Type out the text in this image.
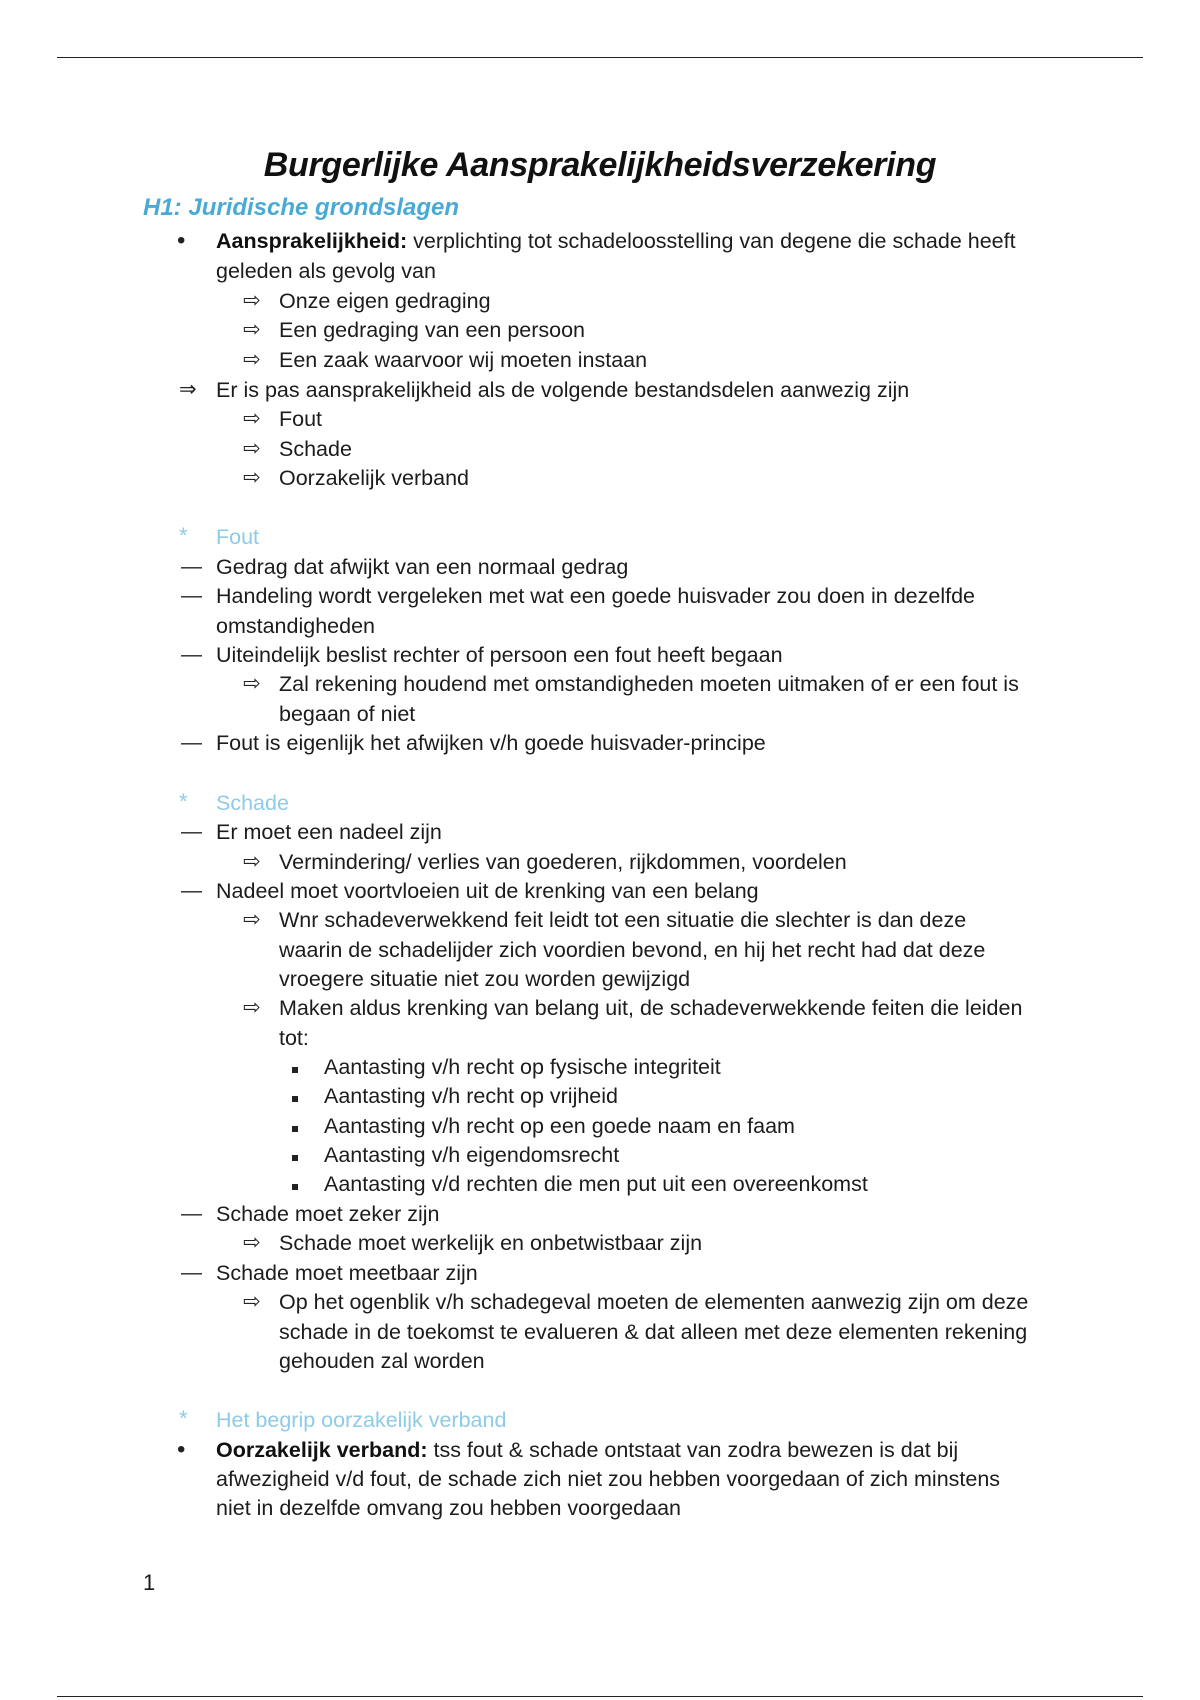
Burgerlijke Aansprakelijkheidsverzekering
H1: Juridische grondslagen
• Aansprakelijkheid: verplichting tot schadeloosstelling van degene die schade heeft
geleden als gevolg van
⇨ Onze eigen gedraging
⇨ Een gedraging van een persoon
⇨ Een zaak waarvoor wij moeten instaan
⇒ Er is pas aansprakelijkheid als de volgende bestandsdelen aanwezig zijn
⇨ Fout
⇨ Schade
⇨ Oorzakelijk verband
* Fout
— Gedrag dat afwijkt van een normaal gedrag
— Handeling wordt vergeleken met wat een goede huisvader zou doen in dezelfde
omstandigheden
— Uiteindelijk beslist rechter of persoon een fout heeft begaan
⇨ Zal rekening houdend met omstandigheden moeten uitmaken of er een fout is
begaan of niet
— Fout is eigenlijk het afwijken v/h goede huisvader-principe
* Schade
— Er moet een nadeel zijn
⇨ Vermindering/ verlies van goederen, rijkdommen, voordelen
— Nadeel moet voortvloeien uit de krenking van een belang
⇨ Wnr schadeverwekkend feit leidt tot een situatie die slechter is dan deze
waarin de schadelijder zich voordien bevond, en hij het recht had dat deze
vroegere situatie niet zou worden gewijzigd
⇨ Maken aldus krenking van belang uit, de schadeverwekkende feiten die leiden
tot:
Aantasting v/h recht op fysische integriteit
Aantasting v/h recht op vrijheid
Aantasting v/h recht op een goede naam en faam
Aantasting v/h eigendomsrecht
Aantasting v/d rechten die men put uit een overeenkomst
— Schade moet zeker zijn
⇨ Schade moet werkelijk en onbetwistbaar zijn
— Schade moet meetbaar zijn
⇨ Op het ogenblik v/h schadegeval moeten de elementen aanwezig zijn om deze
schade in de toekomst te evalueren & dat alleen met deze elementen rekening
gehouden zal worden
* Het begrip oorzakelijk verband
• Oorzakelijk verband: tss fout & schade ontstaat van zodra bewezen is dat bij
afwezigheid v/d fout, de schade zich niet zou hebben voorgedaan of zich minstens
niet in dezelfde omvang zou hebben voorgedaan
1
